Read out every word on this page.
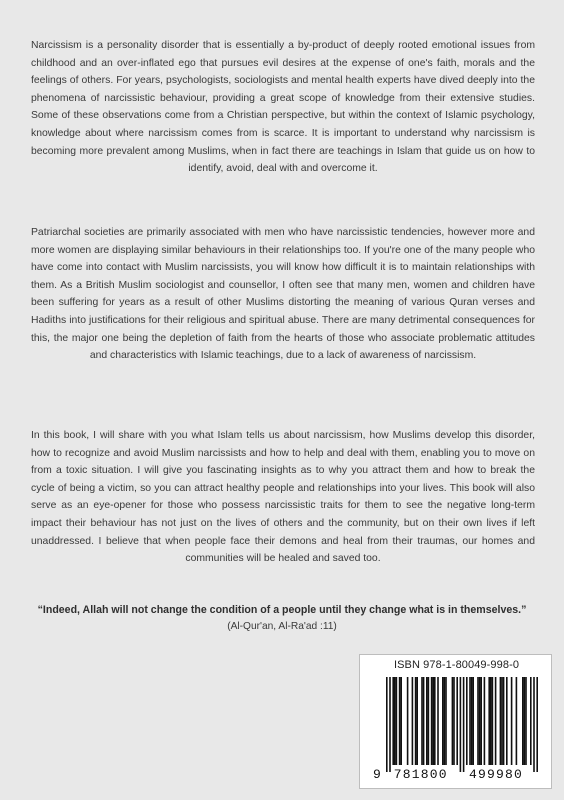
Narcissism is a personality disorder that is essentially a by-product of deeply rooted emotional issues from childhood and an over-inflated ego that pursues evil desires at the expense of one's faith, morals and the feelings of others. For years, psychologists, sociologists and mental health experts have dived deeply into the phenomena of narcissistic behaviour, providing a great scope of knowledge from their extensive studies. Some of these observations come from a Christian perspective, but within the context of Islamic psychology, knowledge about where narcissism comes from is scarce. It is important to understand why narcissism is becoming more prevalent among Muslims, when in fact there are teachings in Islam that guide us on how to identify, avoid, deal with and overcome it.
Patriarchal societies are primarily associated with men who have narcissistic tendencies, however more and more women are displaying similar behaviours in their relationships too. If you're one of the many people who have come into contact with Muslim narcissists, you will know how difficult it is to maintain relationships with them. As a British Muslim sociologist and counsellor, I often see that many men, women and children have been suffering for years as a result of other Muslims distorting the meaning of various Quran verses and Hadiths into justifications for their religious and spiritual abuse. There are many detrimental consequences for this, the major one being the depletion of faith from the hearts of those who associate problematic attitudes and characteristics with Islamic teachings, due to a lack of awareness of narcissism.
In this book, I will share with you what Islam tells us about narcissism, how Muslims develop this disorder, how to recognize and avoid Muslim narcissists and how to help and deal with them, enabling you to move on from a toxic situation. I will give you fascinating insights as to why you attract them and how to break the cycle of being a victim, so you can attract healthy people and relationships into your lives. This book will also serve as an eye-opener for those who possess narcissistic traits for them to see the negative long-term impact their behaviour has not just on the lives of others and the community, but on their own lives if left unaddressed. I believe that when people face their demons and heal from their traumas, our homes and communities will be healed and saved too.
“Indeed, Allah will not change the condition of a people until they change what is in themselves.”
(Al-Qur'an, Al-Ra'ad :11)
ISBN 978-1-80049-998-0
9 781800 499980
